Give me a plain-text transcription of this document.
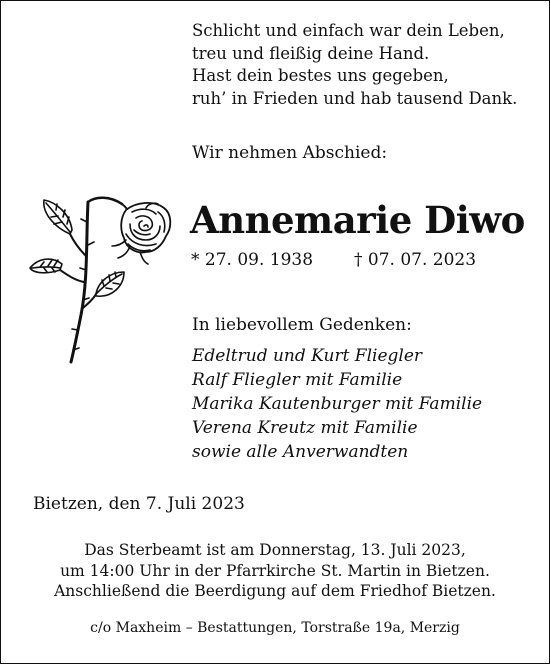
Schlicht und einfach war dein Leben,
treu und fleißig deine Hand.
Hast dein bestes uns gegeben,
ruh’ in Frieden und hab tausend Dank.
Wir nehmen Abschied:
Annemarie Diwo
* 27. 09. 1938 † 07. 07. 2023
In liebevollem Gedenken:
Edeltrud und Kurt Fliegler
Ralf Fliegler mit Familie
Marika Kautenburger mit Familie
Verena Kreutz mit Familie
sowie alle Anverwandten
Bietzen, den 7. Juli 2023
Das Sterbeamt ist am Donnerstag, 13. Juli 2023,
um 14:00 Uhr in der Pfarrkirche St. Martin in Bietzen.
Anschließend die Beerdigung auf dem Friedhof Bietzen.
c/o Maxheim – Bestattungen, Torstraße 19a, Merzig
